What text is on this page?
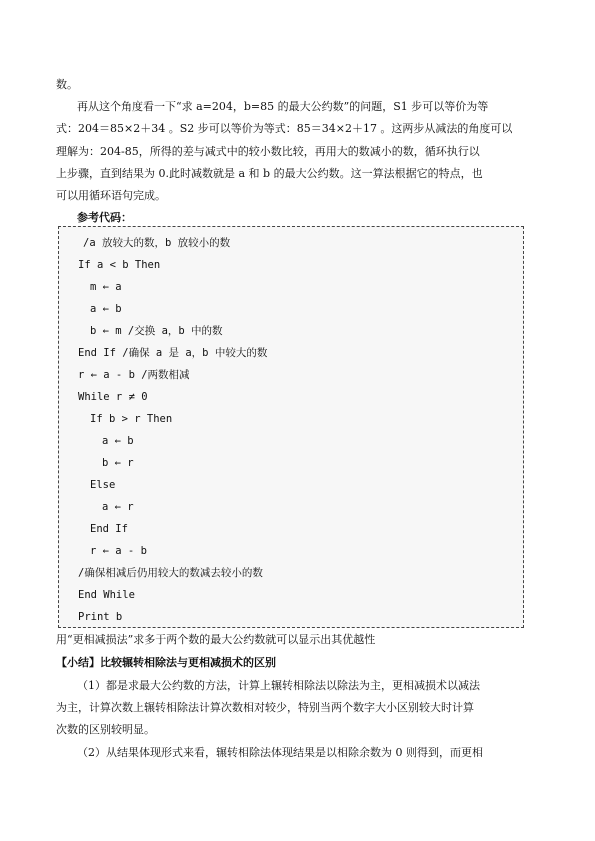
数。
再从这个角度看一下“求 a=204，b=85 的最大公约数”的问题，S1 步可以等价为等
式：204＝85×2＋34 。S2 步可以等价为等式：85＝34×2＋17 。这两步从减法的角度可以
理解为：204-85，所得的差与减式中的较小数比较，再用大的数减小的数，循环执行以
上步骤，直到结果为 0.此时减数就是 a 和 b 的最大公约数。这一算法根据它的特点，也
可以用循环语句完成。
参考代码：
/a 放较大的数，b 放较小的数
If a < b Then
m ← a
a ← b
b ← m /交换 a，b 中的数
End If /确保 a 是 a，b 中较大的数
r ← a - b /两数相减
While r ≠ 0
If b > r Then
a ← b
b ← r
Else
a ← r
End If
r ← a - b
/确保相减后仍用较大的数减去较小的数
End While
Print b
用“更相减损法”求多于两个数的最大公约数就可以显示出其优越性
【小结】比较辗转相除法与更相减损术的区别
（1）都是求最大公约数的方法，计算上辗转相除法以除法为主，更相减损术以减法
为主，计算次数上辗转相除法计算次数相对较少，特别当两个数字大小区别较大时计算
次数的区别较明显。
（2）从结果体现形式来看，辗转相除法体现结果是以相除余数为 0 则得到，而更相
